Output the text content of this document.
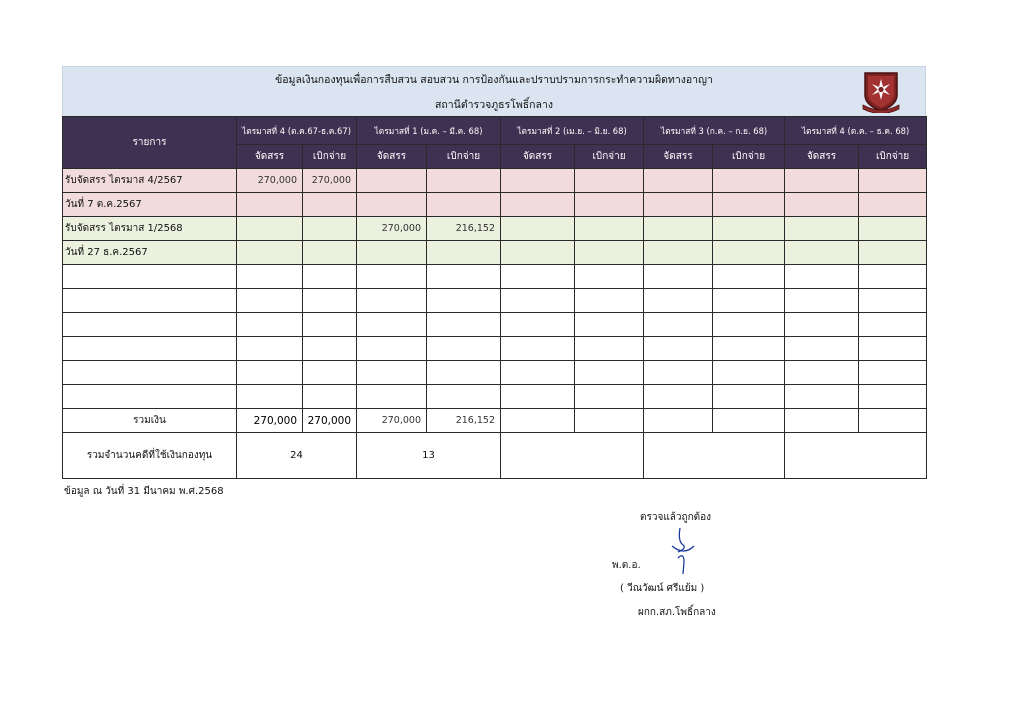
ข้อมูลเงินกองทุนเพื่อการสืบสวน สอบสวน การป้องกันและปราบปรามการกระทำความผิดทางอาญา
สถานีตำรวจภูธรโพธิ์กลาง
รายการ	ไตรมาสที่ 4 (ต.ค.67-ธ.ค.67)		ไตรมาสที่ 1 (ม.ค. – มี.ค. 68)		ไตรมาสที่ 2 (เม.ย. – มิ.ย. 68)		ไตรมาสที่ 3 (ก.ค. – ก.ย. 68)		ไตรมาสที่ 4 (ต.ค. – ธ.ค. 68)	
	จัดสรร	เบิกจ่าย	จัดสรร	เบิกจ่าย	จัดสรร	เบิกจ่าย	จัดสรร	เบิกจ่าย	จัดสรร	เบิกจ่าย
รับจัดสรร ไตรมาส 4/2567	270,000	270,000								
วันที่ 7 ต.ค.2567										
รับจัดสรร ไตรมาส 1/2568			270,000	216,152						
วันที่ 27 ธ.ค.2567										

รวมเงิน	270,000	270,000	270,000	216,152						
รวมจำนวนคดีที่ใช้เงินกองทุน	24		13							
ข้อมูล ณ วันที่ 31 มีนาคม พ.ศ.2568
ตรวจแล้วถูกต้อง
พ.ต.อ.
( วีณวัฒน์ ศรีแย้ม )
ผกก.สภ.โพธิ์กลาง
